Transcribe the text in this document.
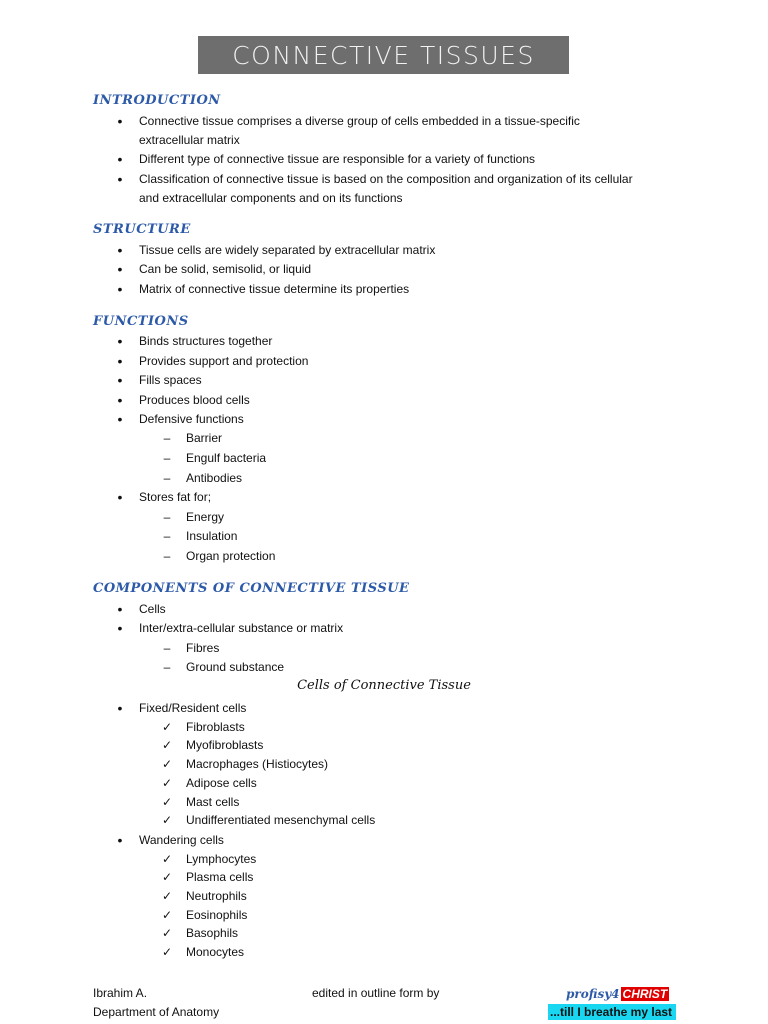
CONNECTIVE TISSUES
INTRODUCTION
•	Connective tissue comprises a diverse group of cells embedded in a tissue-specific
extracellular matrix
•	Different type of connective tissue are responsible for a variety of functions
•	Classification of connective tissue is based on the composition and organization of its cellular
and extracellular components and on its functions
STRUCTURE
•	Tissue cells are widely separated by extracellular matrix
•	Can be solid, semisolid, or liquid
•	Matrix of connective tissue determine its properties
FUNCTIONS
•	Binds structures together
•	Provides support and protection
•	Fills spaces
•	Produces blood cells
•	Defensive functions
–	Barrier
–	Engulf bacteria
–	Antibodies
•	Stores fat for;
–	Energy
–	Insulation
–	Organ protection
COMPONENTS OF CONNECTIVE TISSUE
•	Cells
•	Inter/extra-cellular substance or matrix
–	Fibres
–	Ground substance
Cells of Connective Tissue
•	Fixed/Resident cells
✓ Fibroblasts
✓ Myofibroblasts
✓ Macrophages (Histiocytes)
✓ Adipose cells
✓ Mast cells
✓ Undifferentiated mesenchymal cells
•	Wandering cells
✓ Lymphocytes
✓ Plasma cells
✓ Neutrophils
✓ Eosinophils
✓ Basophils
✓ Monocytes
Ibrahim A.
Department of Anatomy
edited in outline form by	profisy4 CHRIST
...till I breathe my last
